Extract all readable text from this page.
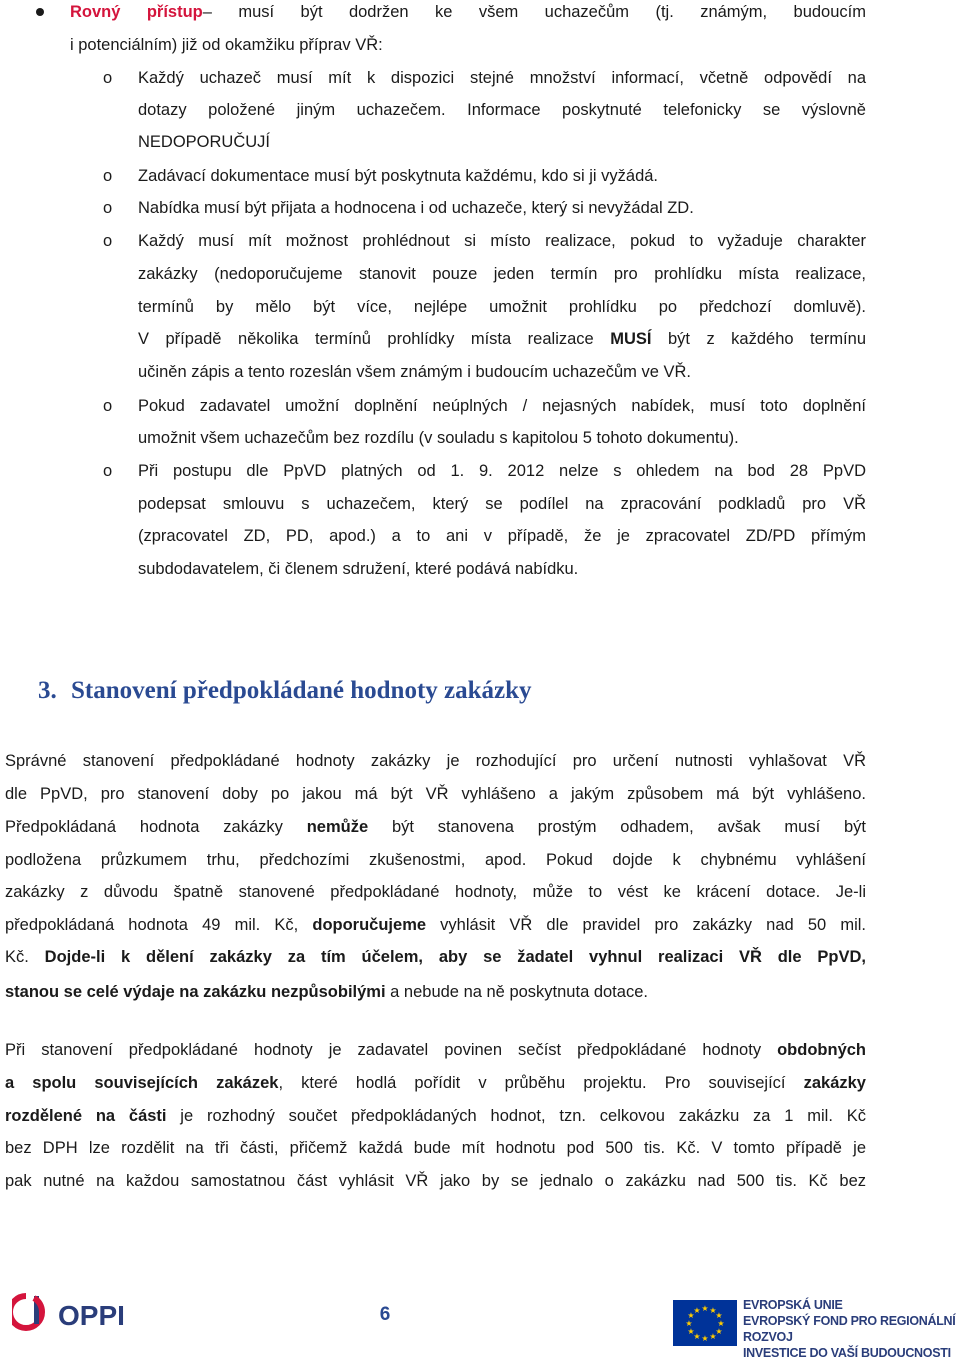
Rovný přístup– musí být dodržen ke všem uchazečům (tj. známým, budoucím
i potenciálním) již od okamžiku příprav VŘ:
o Každý uchazeč musí mít k dispozici stejné množství informací, včetně odpovědí na
dotazy položené jiným uchazečem. Informace poskytnuté telefonicky se výslovně
NEDOPORUČUJÍ
o Zadávací dokumentace musí být poskytnuta každému, kdo si ji vyžádá.
o Nabídka musí být přijata a hodnocena i od uchazeče, který si nevyžádal ZD.
o Každý musí mít možnost prohlédnout si místo realizace, pokud to vyžaduje charakter
zakázky (nedoporučujeme stanovit pouze jeden termín pro prohlídku místa realizace,
termínů by mělo být více, nejlépe umožnit prohlídku po předchozí domluvě).
V případě několika termínů prohlídky místa realizace MUSÍ být z každého termínu
učiněn zápis a tento rozeslán všem známým i budoucím uchazečům ve VŘ.
o Pokud zadavatel umožní doplnění neúplných / nejasných nabídek, musí toto doplnění
umožnit všem uchazečům bez rozdílu (v souladu s kapitolou 5 tohoto dokumentu).
o Při postupu dle PpVD platných od 1. 9. 2012 nelze s ohledem na bod 28 PpVD
podepsat smlouvu s uchazečem, který se podílel na zpracování podkladů pro VŘ
(zpracovatel ZD, PD, apod.) a to ani v případě, že je zpracovatel ZD/PD přímým
subdodavatelem, či členem sdružení, které podává nabídku.
3. Stanovení předpokládané hodnoty zakázky
Správné stanovení předpokládané hodnoty zakázky je rozhodující pro určení nutnosti vyhlašovat VŘ
dle PpVD, pro stanovení doby po jakou má být VŘ vyhlášeno a jakým způsobem má být vyhlášeno.
Předpokládaná hodnota zakázky nemůže být stanovena prostým odhadem, avšak musí být
podložena průzkumem trhu, předchozími zkušenostmi, apod. Pokud dojde k chybnému vyhlášení
zakázky z důvodu špatně stanovené předpokládané hodnoty, může to vést ke krácení dotace. Je-li
předpokládaná hodnota 49 mil. Kč, doporučujeme vyhlásit VŘ dle pravidel pro zakázky nad 50 mil.
Kč. Dojde-li k dělení zakázky za tím účelem, aby se žadatel vyhnul realizaci VŘ dle PpVD,
stanou se celé výdaje na zakázku nezpůsobilými a nebude na ně poskytnuta dotace.
Při stanovení předpokládané hodnoty je zadavatel povinen sečíst předpokládané hodnoty obdobných
a spolu souvisejících zakázek, které hodlá pořídit v průběhu projektu. Pro související zakázky
rozdělené na části je rozhodný součet předpokládaných hodnot, tzn. celkovou zakázku za 1 mil. Kč
bez DPH lze rozdělit na tři části, přičemž každá bude mít hodnotu pod 500 tis. Kč. V tomto případě je
pak nutné na každou samostatnou část vyhlásit VŘ jako by se jednalo o zakázku nad 500 tis. Kč bez
OPPI	6	★ ★
★
★
★
★
★
★
★
★
★
★	EVROPSKÁ UNIE
EVROPSKÝ FOND PRO REGIONÁLNÍ ROZVOJ
INVESTICE DO VAŠÍ BUDOUCNOSTI
